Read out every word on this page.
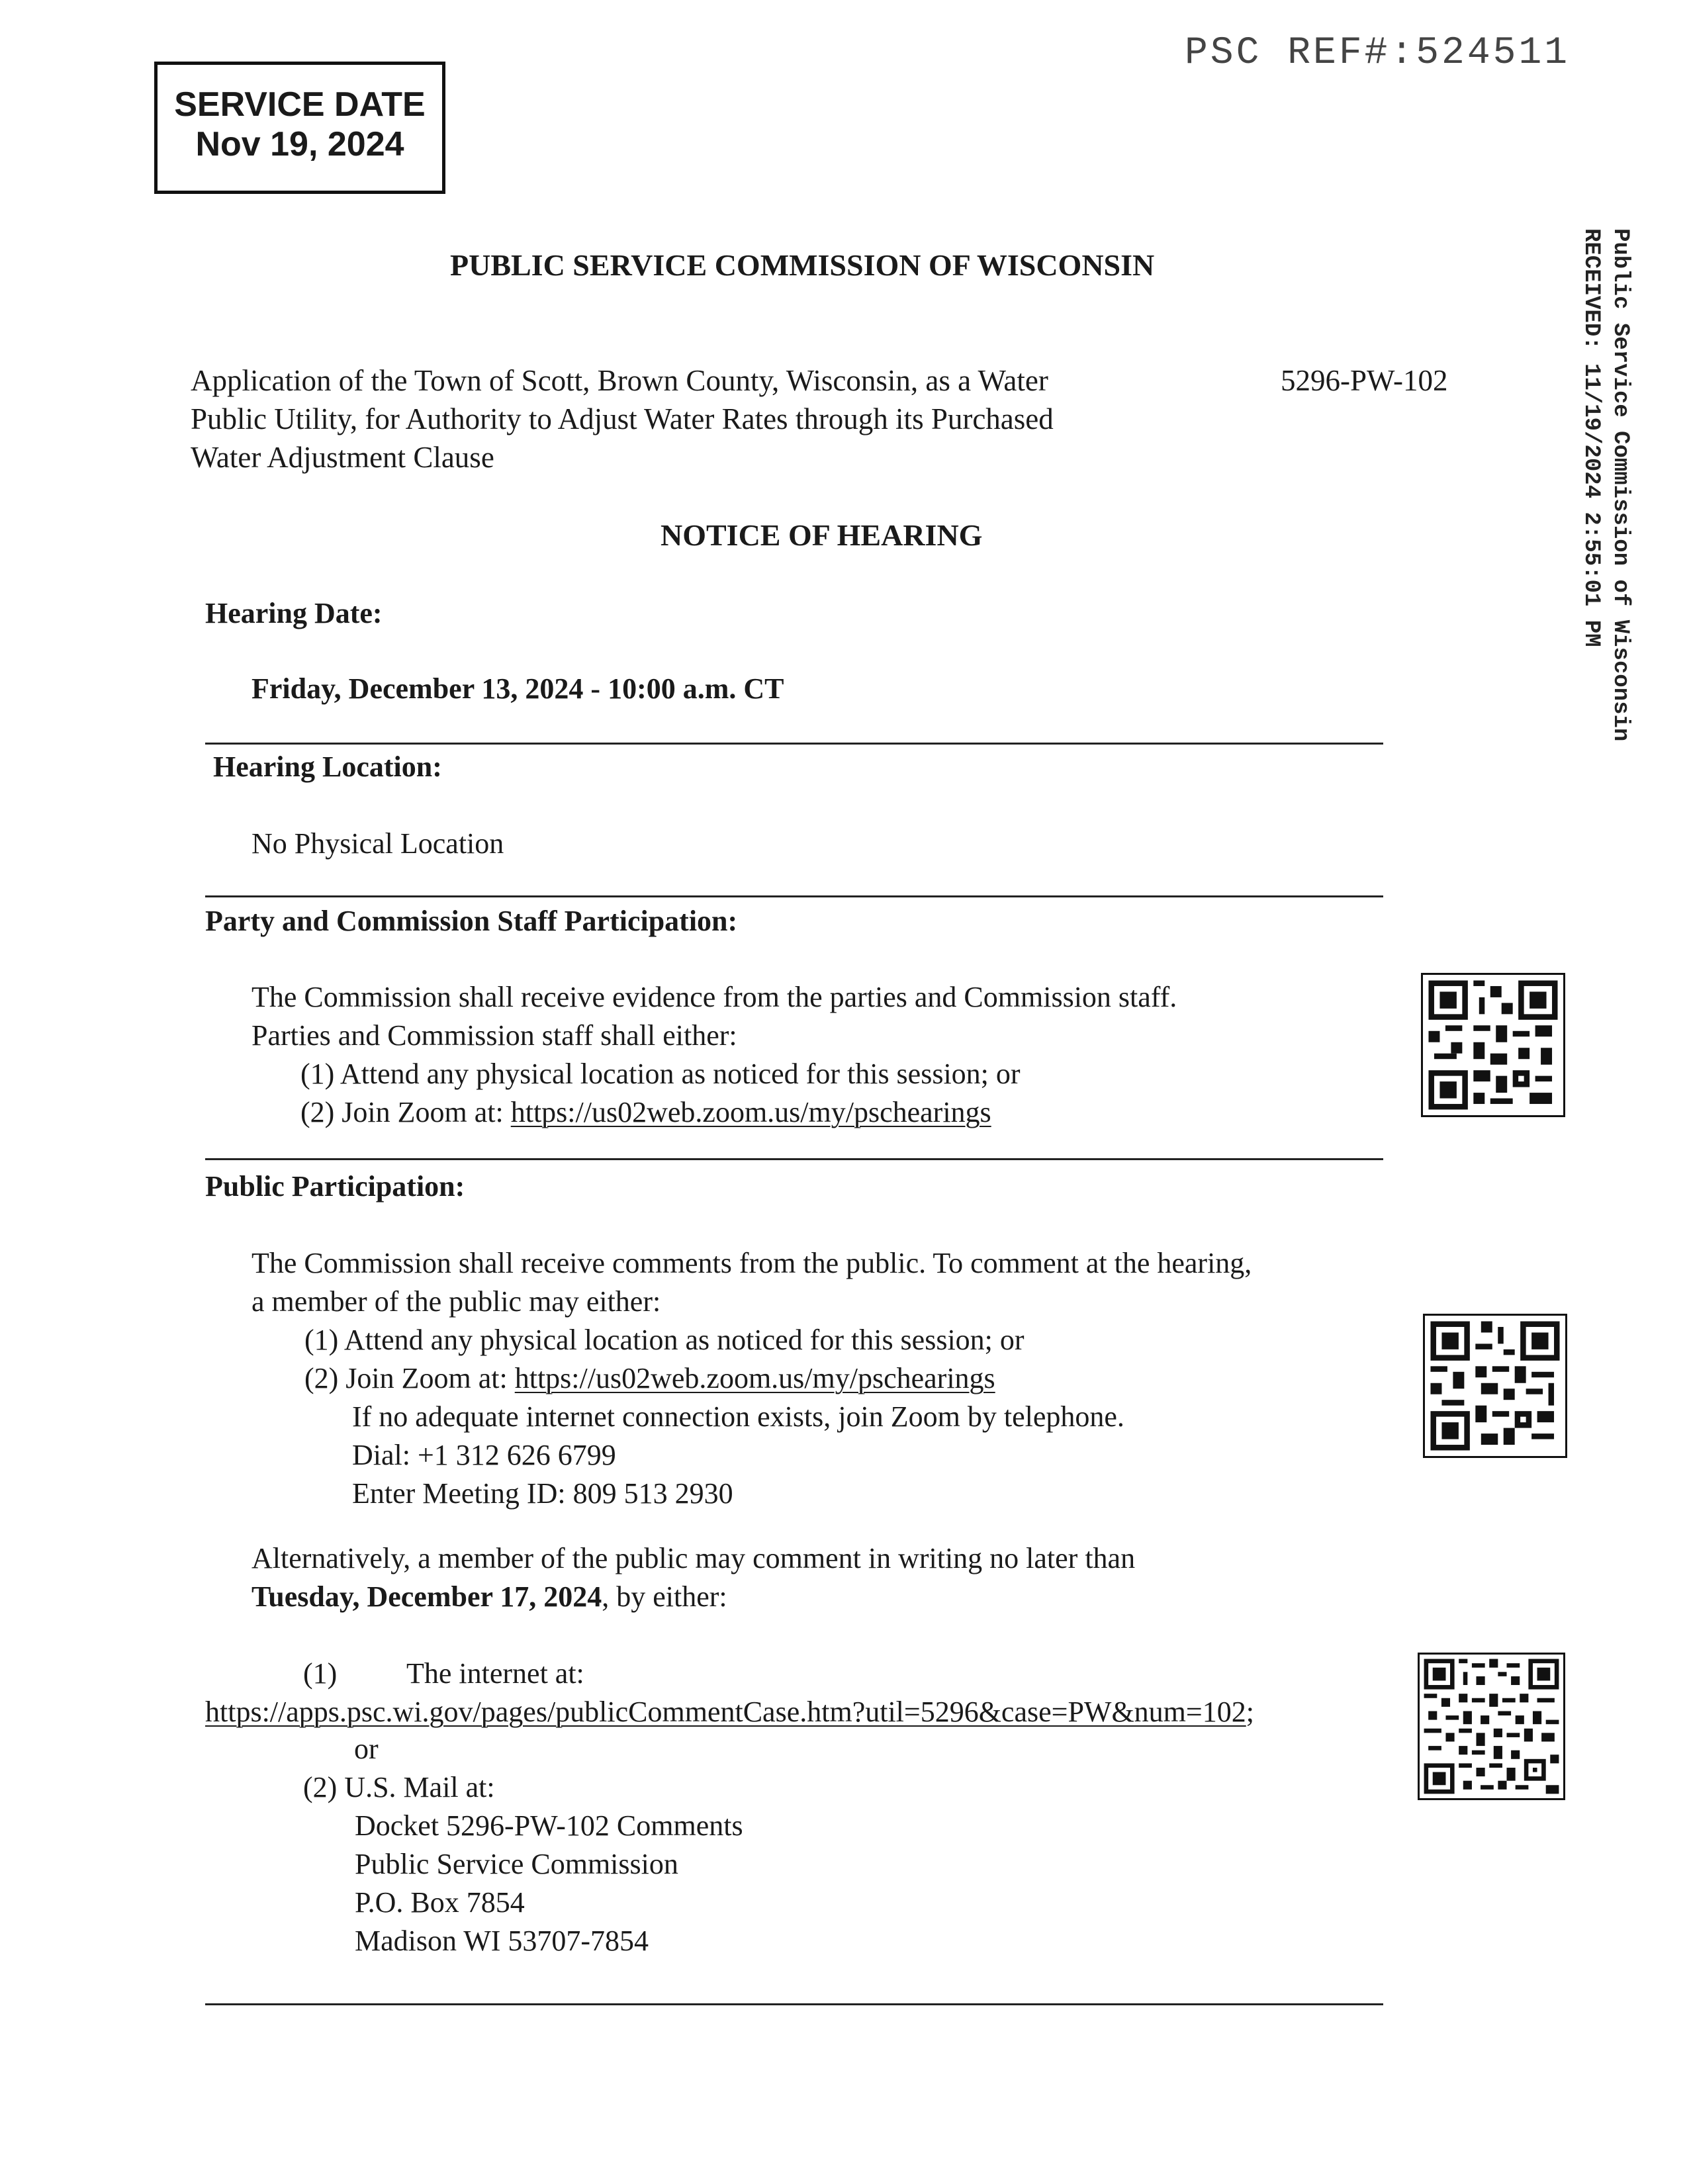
PSC REF#:524511
SERVICE DATE
Nov 19, 2024
Public Service Commission of Wisconsin
RECEIVED: 11/19/2024 2:55:01 PM
PUBLIC SERVICE COMMISSION OF WISCONSIN
Application of the Town of Scott, Brown County, Wisconsin, as a Water
Public Utility, for Authority to Adjust Water Rates through its Purchased
Water Adjustment Clause
5296-PW-102
NOTICE OF HEARING
Hearing Date:
Friday, December 13, 2024 - 10:00 a.m. CT
Hearing Location:
No Physical Location
Party and Commission Staff Participation:
The Commission shall receive evidence from the parties and Commission staff.
Parties and Commission staff shall either:
(1) Attend any physical location as noticed for this session; or
(2) Join Zoom at: https://us02web.zoom.us/my/pschearings
Public Participation:
The Commission shall receive comments from the public. To comment at the hearing,
a member of the public may either:
(1) Attend any physical location as noticed for this session; or
(2) Join Zoom at: https://us02web.zoom.us/my/pschearings
If no adequate internet connection exists, join Zoom by telephone.
Dial: +1 312 626 6799
Enter Meeting ID: 809 513 2930
Alternatively, a member of the public may comment in writing no later than
Tuesday, December 17, 2024, by either:
(1) The internet at:
https://apps.psc.wi.gov/pages/publicCommentCase.htm?util=5296&case=PW&num=102;
or
(2) U.S. Mail at:
Docket 5296-PW-102 Comments
Public Service Commission
P.O. Box 7854
Madison WI 53707-7854
